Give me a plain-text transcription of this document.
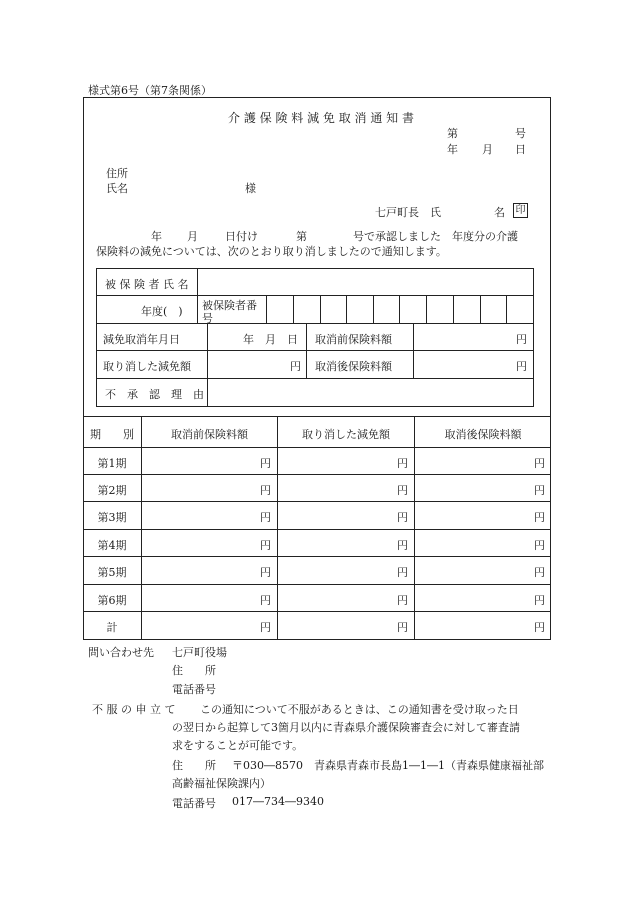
様式第6号（第7条関係）
介 護 保 険 料 減 免 取 消 通 知 書
第	号
年 月 日
住所
氏名	様
七戸町長　氏	名 印
年 月 日付け	第	号で承認しました　年度分の介護
保険料の減免については、次のとおり取り消しましたので通知します。
被 保 険 者 氏 名
年度(　) 被保険者番
号
減免取消年月日	年　月　日 取消前保険料額	円
取り消した減免額	円 取消後保険料額	円
不　承　認　理　由
期　　別	取消前保険料額	取り消した減免額	取消後保険料額
第1期	円	円	円
第2期	円	円	円
第3期	円	円	円
第4期	円	円	円
第5期	円	円	円
第6期	円	円	円
計	円	円	円
問い合わせ先 七戸町役場
住　　所
電話番号
不 服 の 申 立 て この通知について不服があるときは、この通知書を受け取った日
の翌日から起算して3箇月以内に青森県介護保険審査会に対して審査請
求をすることが可能です。
住　　所 〒030―8570　青森県青森市長島1―1―1（青森県健康福祉部
高齢福祉保険課内）
電話番号 017―734―9340
